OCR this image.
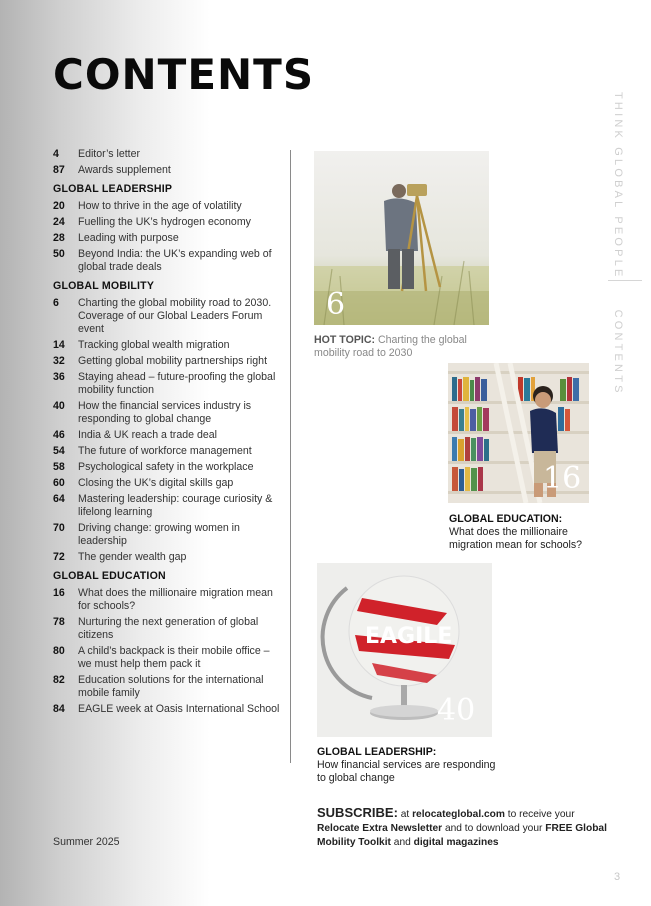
CONTENTS
THINK GLOBAL PEOPLECONTENTS
4	Editor’s letter
87	Awards supplement
GLOBAL LEADERSHIP
20	How to thrive in the age of volatility
24	Fuelling the UK’s hydrogen economy
28	Leading with purpose
50	Beyond India: the UK’s expanding web of global trade deals
GLOBAL MOBILITY
6	Charting the global mobility road to 2030. Coverage of our Global Leaders Forum event
14	Tracking global wealth migration
32	Getting global mobility partnerships right
36	Staying ahead – future-proofing the global mobility function
40	How the financial services industry is responding to global change
46	India & UK reach a trade deal
54	The future of workforce management
58	Psychological safety in the workplace
60	Closing the UK’s digital skills gap
64	Mastering leadership: courage curiosity & lifelong learning
70	Driving change: growing women in leadership
72	The gender wealth gap
GLOBAL EDUCATION
16	What does the millionaire migration mean for schools?
78	Nurturing the next generation of global citizens
80	A child’s backpack is their mobile office – we must help them pack it
82	Education solutions for the international mobile family
84	EAGLE week at Oasis International School
Summer 2025
6
HOT TOPIC: Charting the global mobility road to 2030
16
GLOBAL EDUCATION:
What does the millionaire migration mean for schools?
EAGILE
40
GLOBAL LEADERSHIP:
How financial services are responding to global change
SUBSCRIBE: at relocateglobal.com to receive your Relocate Extra Newsletter and to download your FREE Global Mobility Toolkit and digital magazines
3
